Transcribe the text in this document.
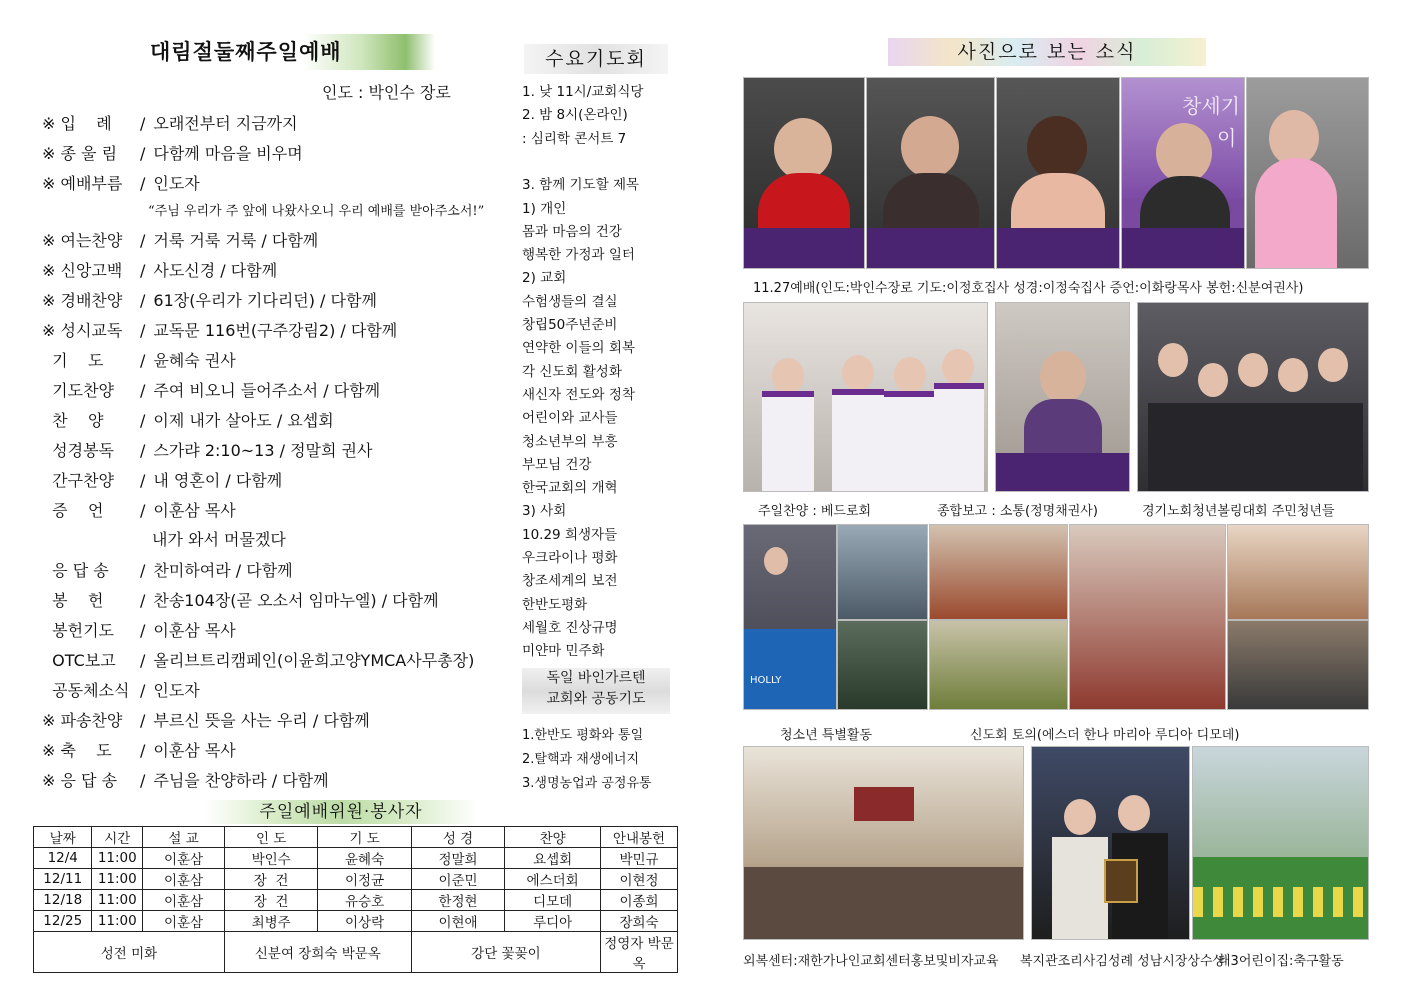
대림절둘째주일예배
인도 : 박인수 장로
※ 입    례 / 오래전부터 지금까지
※ 종 울 림 / 다함께 마음을 비우며
※ 예배부름 / 인도자
※ 여는찬양 / 거룩 거룩 거룩 / 다함께
※ 신앙고백 / 사도신경 / 다함께
※ 경배찬양 / 61장(우리가 기다리던) / 다함께
※ 성시교독 / 교독문 116번(구주강림2) / 다함께
기    도 / 윤혜숙 권사
기도찬양 / 주여 비오니 들어주소서 / 다함께
찬    양 / 이제 내가 살아도 / 요셉회
성경봉독 / 스가랴 2:10~13 / 정말희 권사
간구찬양 / 내 영혼이 / 다함께
증    언 / 이훈삼 목사
응 답 송 / 찬미하여라 / 다함께
봉    헌 / 찬송104장(곧 오소서 임마누엘) / 다함께
봉헌기도 / 이훈삼 목사
OTC보고 / 올리브트리캠페인(이윤희고양YMCA사무총장)
공동체소식 / 인도자
※ 파송찬양 / 부르신 뜻을 사는 우리 / 다함께
※ 축    도 / 이훈삼 목사
※ 응 답 송 / 주님을 찬양하라 / 다함께
“주님 우리가 주 앞에 나왔사오니 우리 예배를 받아주소서!”
내가 와서 머물겠다
수요기도회
1. 낮 11시/교회식당
2. 밤 8시(온라인)
: 심리학 콘서트 7
3. 함께 기도할 제목
1) 개인
몸과 마음의 건강
행복한 가정과 일터
2) 교회
수험생들의 결실
창립50주년준비
연약한 이들의 회복
각 신도회 활성화
새신자 전도와 정착
어린이와 교사들
청소년부의 부흥
부모님 건강
한국교회의 개혁
3) 사회
10.29 희생자들
우크라이나 평화
창조세계의 보전
한반도평화
세월호 진상규명
미얀마 민주화
독일 바인가르텐
교회와 공동기도
1.한반도 평화와 통일
2.탈핵과 재생에너지
3.생명농업과 공정유통
주일예배위원·봉사자
날짜	시간	설 교	인 도	기 도	성 경	찬양	안내봉헌
12/4	11:00	이훈삼	박인수	윤혜숙	정말희	요셉회	박민규
12/11	11:00	이훈삼	장  건	이정균	이준민	에스더회	이현정
12/18	11:00	이훈삼	장  건	유승호	한정현	디모데	이종희
12/25	11:00	이훈삼	최병주	이상락	이현애	루디아	장희숙
성전 미화			신분여 장희숙 박문옥		강단 꽃꽂이		정영자 박문옥
사진으로 보는 소식
창세기
이
11.27예배(인도:박인수장로 기도:이정호집사 성경:이정숙집사 증언:이화랑목사 봉헌:신분여권사)
주일찬양 : 베드로회	종합보고 : 소통(정명채권사)	경기노회청년볼링대회 주민청년들
HOLLY
청소년 특별활동	신도회 토의(에스더 한나 마리아 루디아 디모데)
외복센터:재한가나인교회센터홍보및비자교육 복지관조리사김성례 성남시장상수상
태3어린이집:축구활동
